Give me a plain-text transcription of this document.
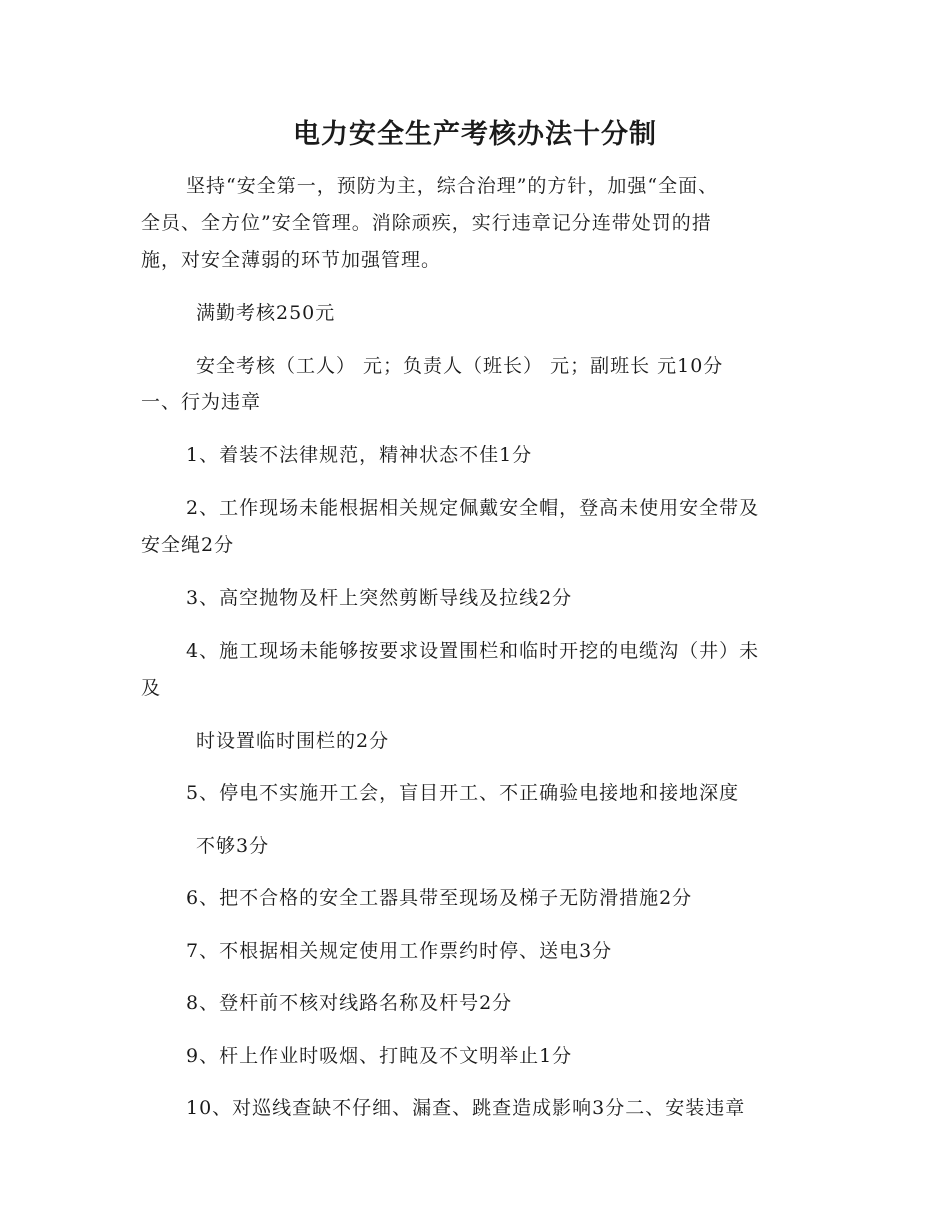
电力安全生产考核办法十分制

坚持“安全第一，预防为主，综合治理”的方针，加强“全面、

全员、全方位”安全管理。消除顽疾，实行违章记分连带处罚的措

施，对安全薄弱的环节加强管理。

满勤考核250元

安全考核（工人） 元；负责人（班长） 元；副班长 元10分

一、行为违章

1、着装不法律规范，精神状态不佳1分

2、工作现场未能根据相关规定佩戴安全帽，登高未使用安全带及

安全绳2分

3、高空抛物及杆上突然剪断导线及拉线2分

4、施工现场未能够按要求设置围栏和临时开挖的电缆沟（井）未

及

时设置临时围栏的2分

5、停电不实施开工会，盲目开工、不正确验电接地和接地深度

不够3分

6、把不合格的安全工器具带至现场及梯子无防滑措施2分

7、不根据相关规定使用工作票约时停、送电3分

8、登杆前不核对线路名称及杆号2分

9、杆上作业时吸烟、打盹及不文明举止1分

10、对巡线查缺不仔细、漏查、跳查造成影响3分二、安装违章
